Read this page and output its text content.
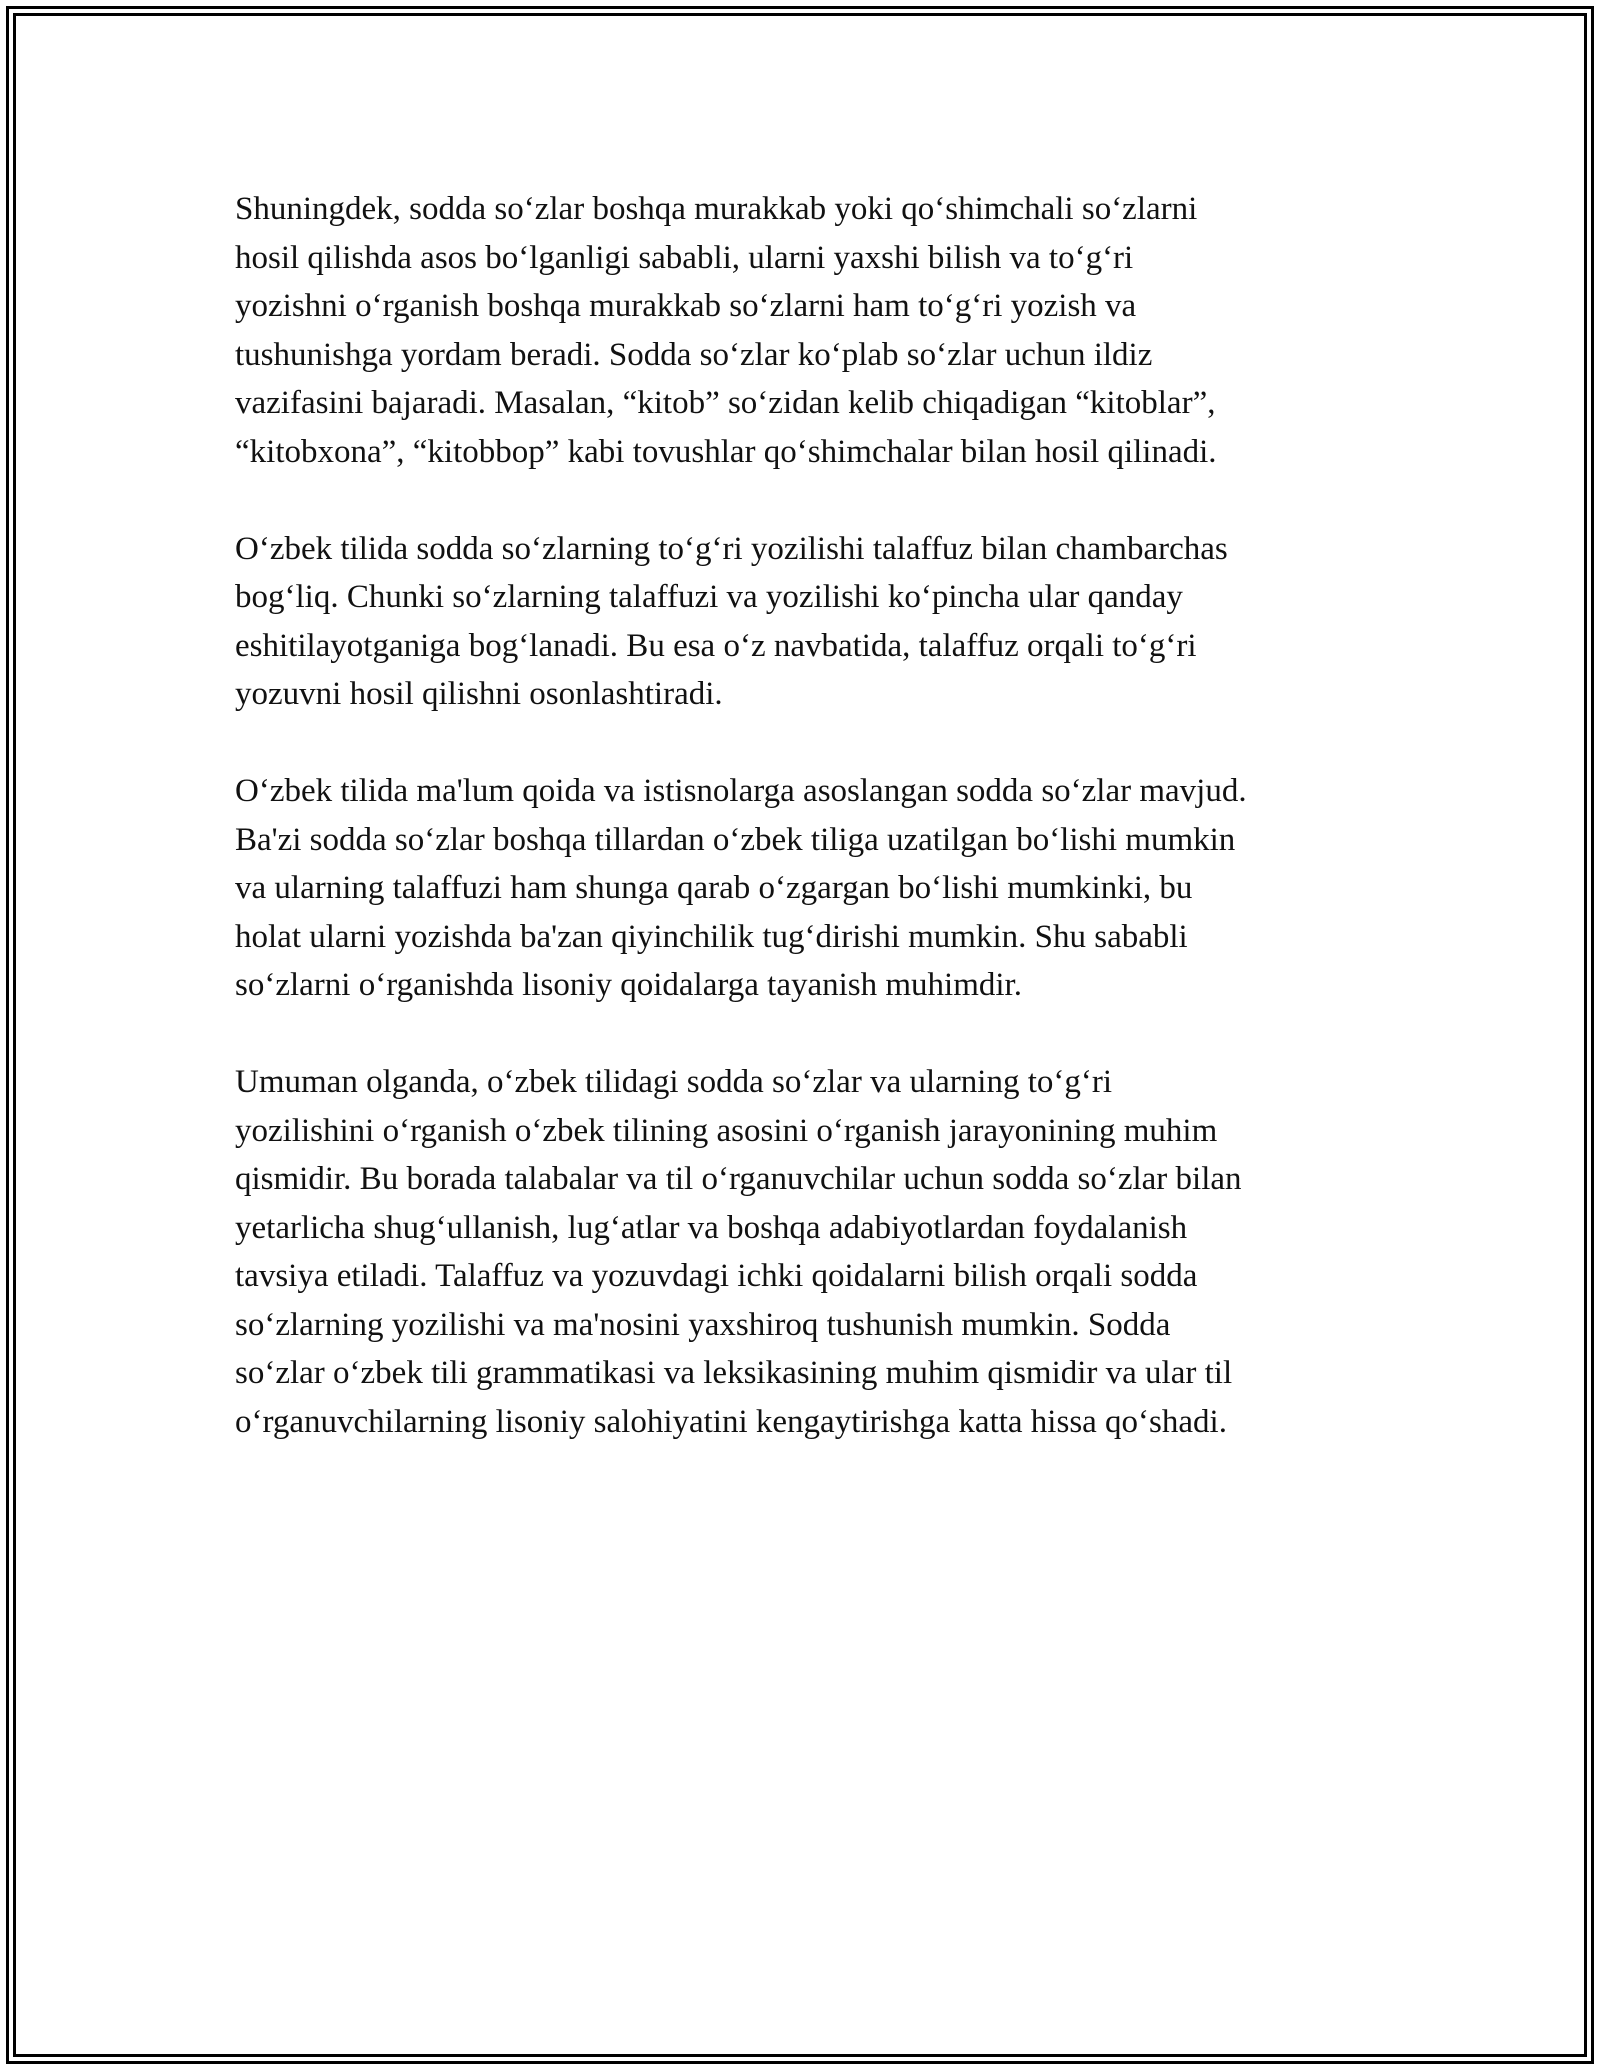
Shuningdek, sodda so‘zlar boshqa murakkab yoki qo‘shimchali so‘zlarni
hosil qilishda asos bo‘lganligi sababli, ularni yaxshi bilish va to‘g‘ri
yozishni o‘rganish boshqa murakkab so‘zlarni ham to‘g‘ri yozish va
tushunishga yordam beradi. Sodda so‘zlar ko‘plab so‘zlar uchun ildiz
vazifasini bajaradi. Masalan, “kitob” so‘zidan kelib chiqadigan “kitoblar”,
“kitobxona”, “kitobbop” kabi tovushlar qo‘shimchalar bilan hosil qilinadi.

O‘zbek tilida sodda so‘zlarning to‘g‘ri yozilishi talaffuz bilan chambarchas
bog‘liq. Chunki so‘zlarning talaffuzi va yozilishi ko‘pincha ular qanday
eshitilayotganiga bog‘lanadi. Bu esa o‘z navbatida, talaffuz orqali to‘g‘ri
yozuvni hosil qilishni osonlashtiradi.

O‘zbek tilida ma'lum qoida va istisnolarga asoslangan sodda so‘zlar mavjud.
Ba'zi sodda so‘zlar boshqa tillardan o‘zbek tiliga uzatilgan bo‘lishi mumkin
va ularning talaffuzi ham shunga qarab o‘zgargan bo‘lishi mumkinki, bu
holat ularni yozishda ba'zan qiyinchilik tug‘dirishi mumkin. Shu sababli
so‘zlarni o‘rganishda lisoniy qoidalarga tayanish muhimdir.

Umuman olganda, o‘zbek tilidagi sodda so‘zlar va ularning to‘g‘ri
yozilishini o‘rganish o‘zbek tilining asosini o‘rganish jarayonining muhim
qismidir. Bu borada talabalar va til o‘rganuvchilar uchun sodda so‘zlar bilan
yetarlicha shug‘ullanish, lug‘atlar va boshqa adabiyotlardan foydalanish
tavsiya etiladi. Talaffuz va yozuvdagi ichki qoidalarni bilish orqali sodda
so‘zlarning yozilishi va ma'nosini yaxshiroq tushunish mumkin. Sodda
so‘zlar o‘zbek tili grammatikasi va leksikasining muhim qismidir va ular til
o‘rganuvchilarning lisoniy salohiyatini kengaytirishga katta hissa qo‘shadi.
